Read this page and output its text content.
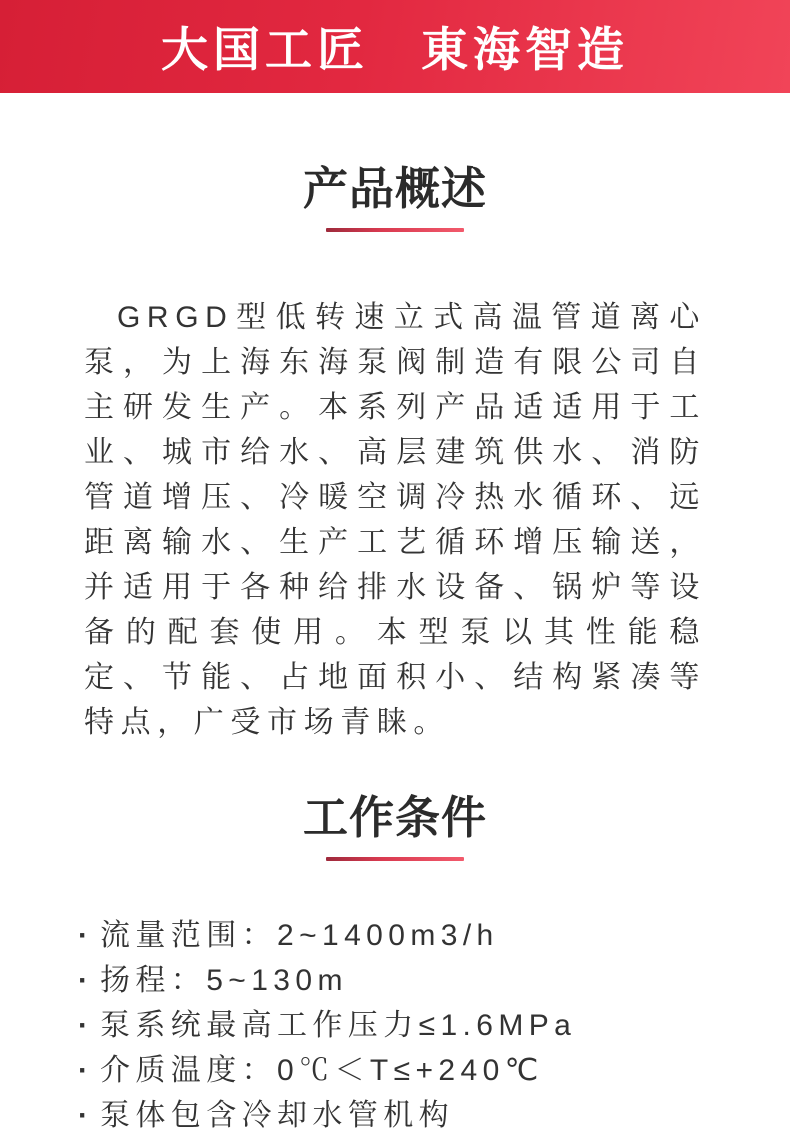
大国工匠　東海智造
产品概述

GRGD型低转速立式高温管道离心泵，为上海东海泵阀制造有限公司自主研发生产。本系列产品适适用于工业、城市给水、高层建筑供水、消防管道增压、冷暖空调冷热水循环、远距离输水、生产工艺循环增压输送，并适用于各种给排水设备、锅炉等设备的配套使用。本型泵以其性能稳定、节能、占地面积小、结构紧凑等特点，广受市场青睐。

工作条件
· 流量范围：2~1400m3/h
· 扬程：5~130m
· 泵系统最高工作压力≤1.6MPa
· 介质温度：0℃＜T≤+240℃
· 泵体包含冷却水管机构
